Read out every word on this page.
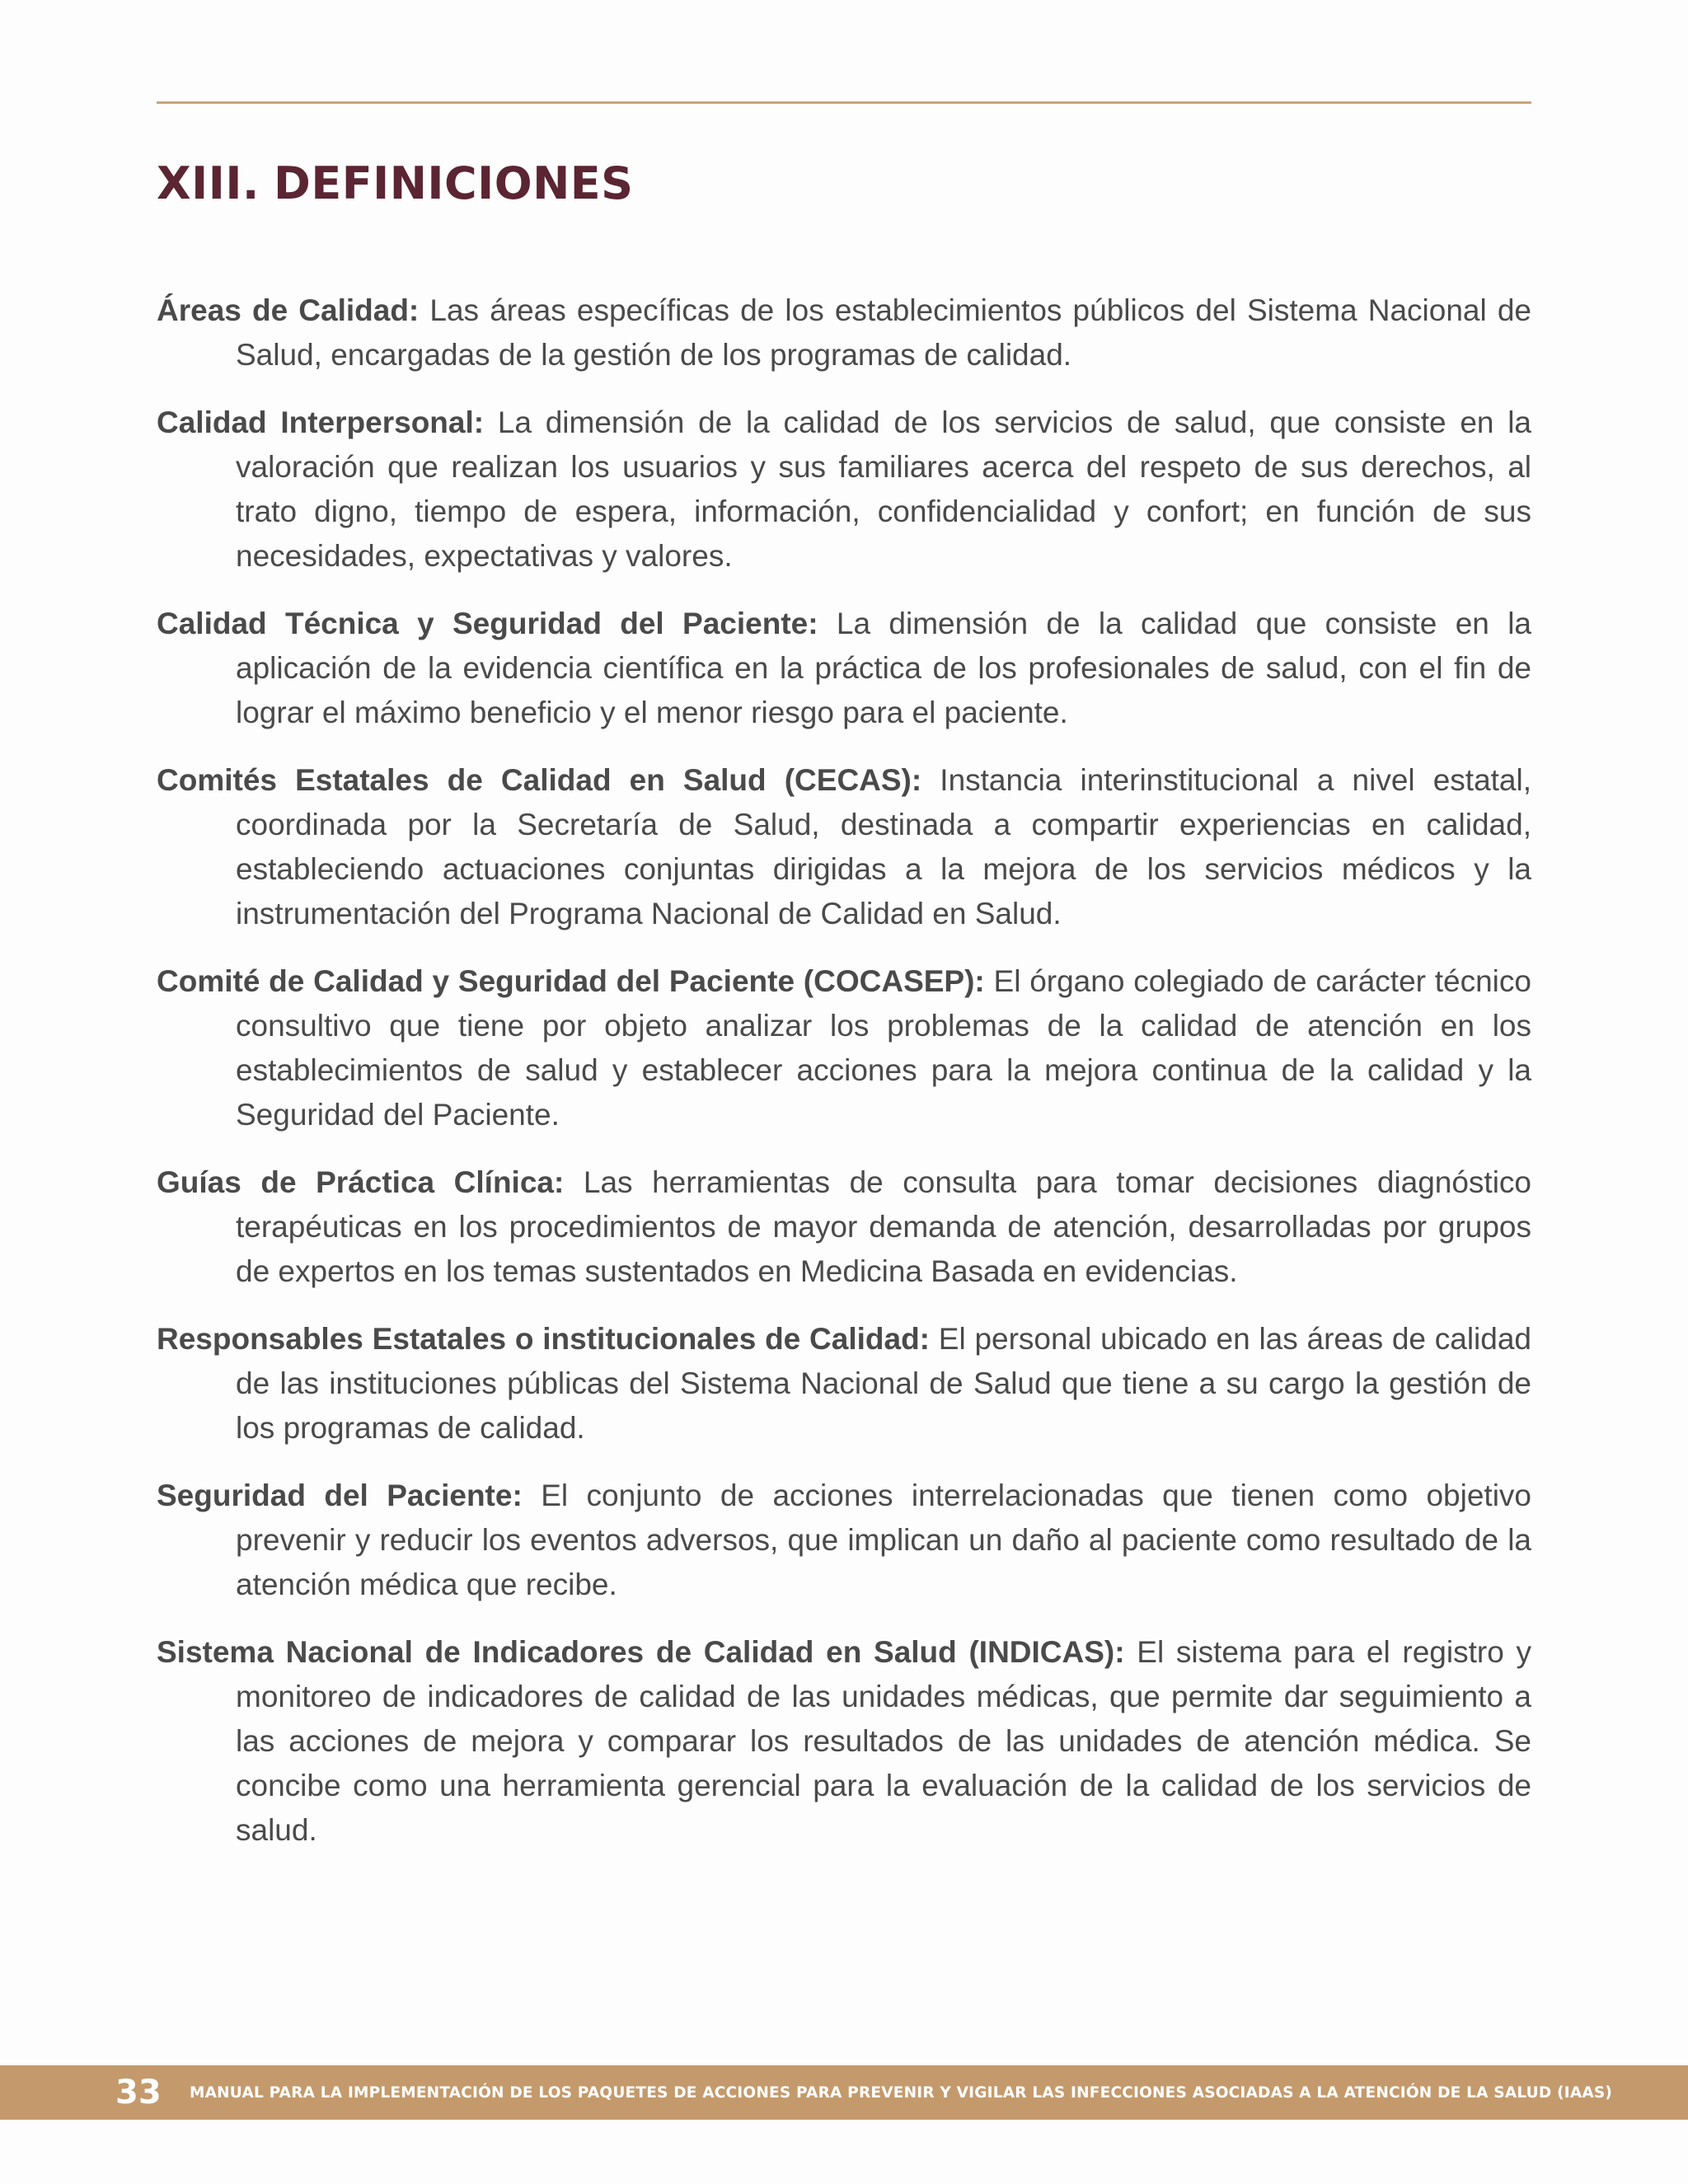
XIII. DEFINICIONES

Áreas de Calidad: Las áreas específicas de los establecimientos públicos del Sistema Nacional de Salud, encargadas de la gestión de los programas de calidad.

Calidad Interpersonal: La dimensión de la calidad de los servicios de salud, que consiste en la valoración que realizan los usuarios y sus familiares acerca del respeto de sus derechos, al trato digno, tiempo de espera, información, confidencialidad y confort; en función de sus necesidades, expectativas y valores.

Calidad Técnica y Seguridad del Paciente: La dimensión de la calidad que consiste en la aplicación de la evidencia científica en la práctica de los profesionales de salud, con el fin de lograr el máximo beneficio y el menor riesgo para el paciente.

Comités Estatales de Calidad en Salud (CECAS): Instancia interinstitucional a nivel estatal, coordinada por la Secretaría de Salud, destinada a compartir experiencias en calidad, estableciendo actuaciones conjuntas dirigidas a la mejora de los servicios médicos y la instrumentación del Programa Nacional de Calidad en Salud.

Comité de Calidad y Seguridad del Paciente (COCASEP): El órgano colegiado de carácter técnico consultivo que tiene por objeto analizar los problemas de la calidad de atención en los establecimientos de salud y establecer acciones para la mejora continua de la calidad y la Seguridad del Paciente.

Guías de Práctica Clínica: Las herramientas de consulta para tomar decisiones diagnóstico terapéuticas en los procedimientos de mayor demanda de atención, desarrolladas por grupos de expertos en los temas sustentados en Medicina Basada en evidencias.

Responsables Estatales o institucionales de Calidad: El personal ubicado en las áreas de calidad de las instituciones públicas del Sistema Nacional de Salud que tiene a su cargo la gestión de los programas de calidad.

Seguridad del Paciente: El conjunto de acciones interrelacionadas que tienen como objetivo prevenir y reducir los eventos adversos, que implican un daño al paciente como resultado de la atención médica que recibe.

Sistema Nacional de Indicadores de Calidad en Salud (INDICAS): El sistema para el registro y monitoreo de indicadores de calidad de las unidades médicas, que permite dar seguimiento a las acciones de mejora y comparar los resultados de las unidades de atención médica. Se concibe como una herramienta gerencial para la evaluación de la calidad de los servicios de salud.

33	MANUAL PARA LA IMPLEMENTACIÓN DE LOS PAQUETES DE ACCIONES PARA PREVENIR Y VIGILAR LAS INFECCIONES ASOCIADAS A LA ATENCIÓN DE LA SALUD (IAAS)
